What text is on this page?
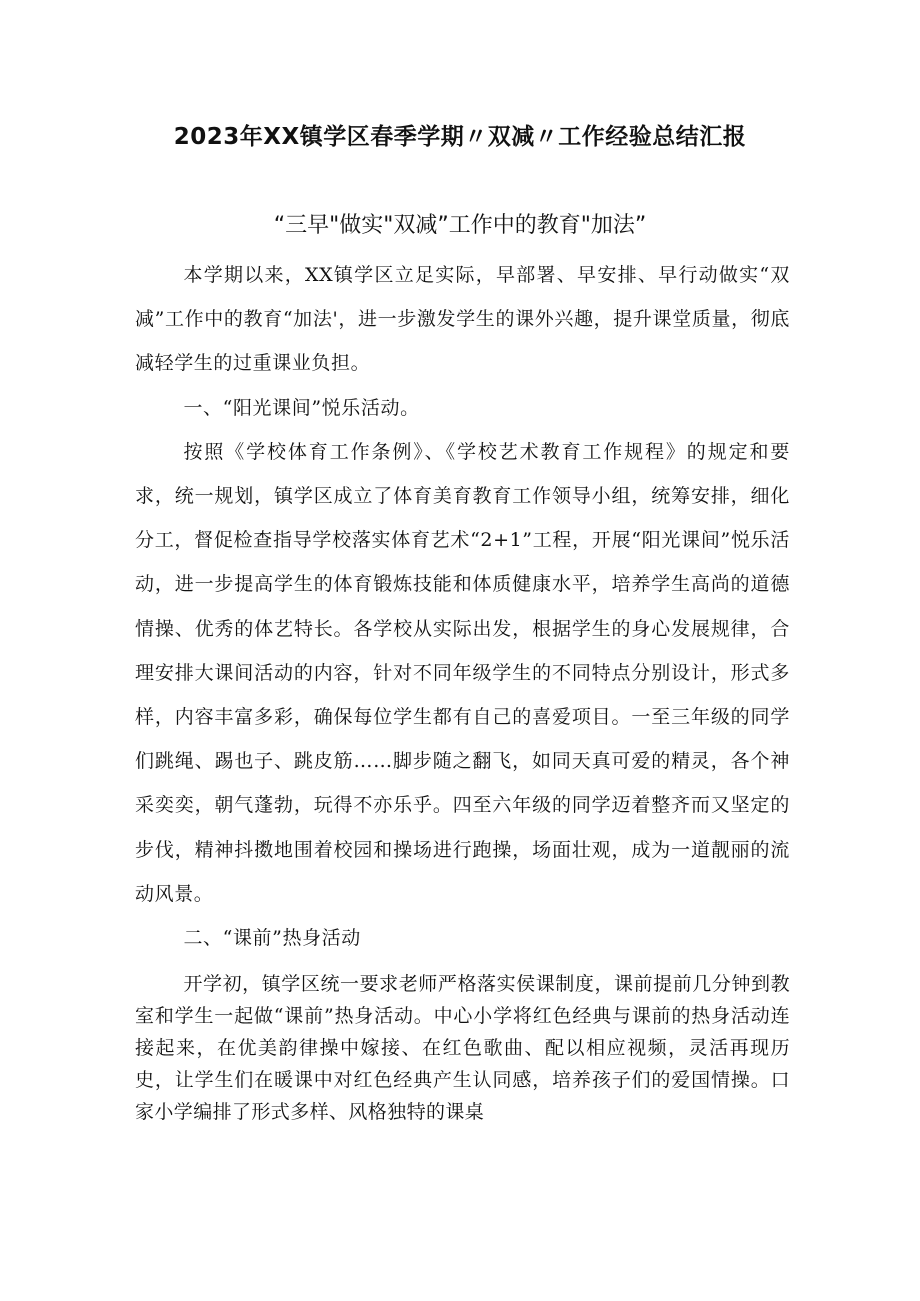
2023年XX镇学区春季学期〃双减〃工作经验总结汇报
“三早"做实"双减”工作中的教育"加法”

本学期以来，XX镇学区立足实际，早部署、早安排、早行动做实“双减”工作中的教育“加法'，进一步激发学生的课外兴趣，提升课堂质量，彻底减轻学生的过重课业负担。

一、“阳光课间”悦乐活动。

按照《学校体育工作条例》、《学校艺术教育工作规程》的规定和要求，统一规划，镇学区成立了体育美育教育工作领导小组，统筹安排，细化分工，督促检查指导学校落实体育艺术“2+1”工程，开展“阳光课间”悦乐活动，进一步提高学生的体育锻炼技能和体质健康水平，培养学生高尚的道德情操、优秀的体艺特长。各学校从实际出发，根据学生的身心发展规律，合理安排大课间活动的内容，针对不同年级学生的不同特点分别设计，形式多样，内容丰富多彩，确保每位学生都有自己的喜爱项目。一至三年级的同学们跳绳、踢也子、跳皮筋……脚步随之翻飞，如同天真可爱的精灵，各个神采奕奕，朝气蓬勃，玩得不亦乐乎。四至六年级的同学迈着整齐而又坚定的步伐，精神抖擞地围着校园和操场进行跑操，场面壮观，成为一道靓丽的流动风景。

二、“课前”热身活动

开学初，镇学区统一要求老师严格落实侯课制度，课前提前几分钟到教室和学生一起做“课前”热身活动。中心小学将红色经典与课前的热身活动连接起来，在优美韵律操中嫁接、在红色歌曲、配以相应视频，灵活再现历史，让学生们在暖课中对红色经典产生认同感，培养孩子们的爱国情操。口家小学编排了形式多样、风格独特的课桌
